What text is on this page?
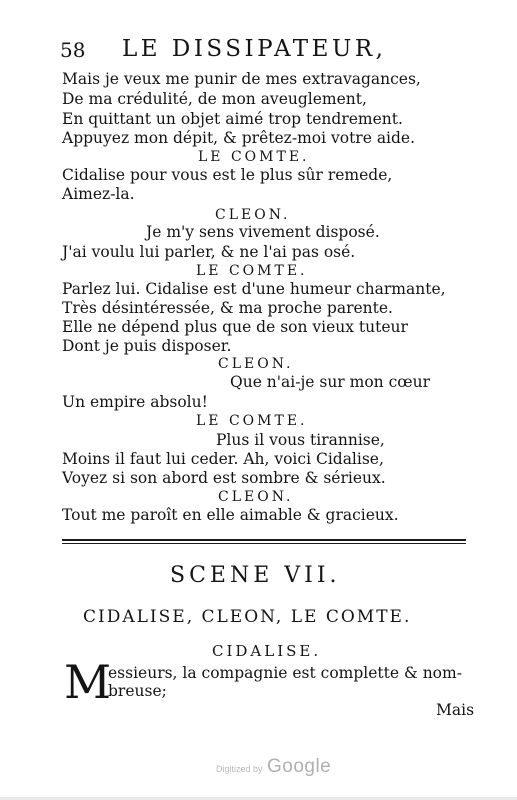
58 LE DISSIPATEUR,
Mais je veux me punir de mes extravagances,
De ma crédulité, de mon aveuglement,
En quittant un objet aimé trop tendrement.
Appuyez mon dépit, & prêtez-moi votre aide.
LE COMTE.
Cidalise pour vous est le plus sûr remede,
Aimez-la.
CLEON.
Je m'y sens vivement disposé.
J'ai voulu lui parler, & ne l'ai pas osé.
LE COMTE.
Parlez lui. Cidalise est d'une humeur charmante,
Très désintéressée, & ma proche parente.
Elle ne dépend plus que de son vieux tuteur
Dont je puis disposer.
CLEON.
Que n'ai-je sur mon cœur
Un empire absolu!
LE COMTE.
Plus il vous tirannise,
Moins il faut lui ceder. Ah, voici Cidalise,
Voyez si son abord est sombre & sérieux.
CLEON.
Tout me paroît en elle aimable & gracieux.
SCENE VII.
CIDALISE, CLEON, LE COMTE.
CIDALISE.
M
essieurs, la compagnie est complette & nom-
breuse;
Mais
Digitized by Google
